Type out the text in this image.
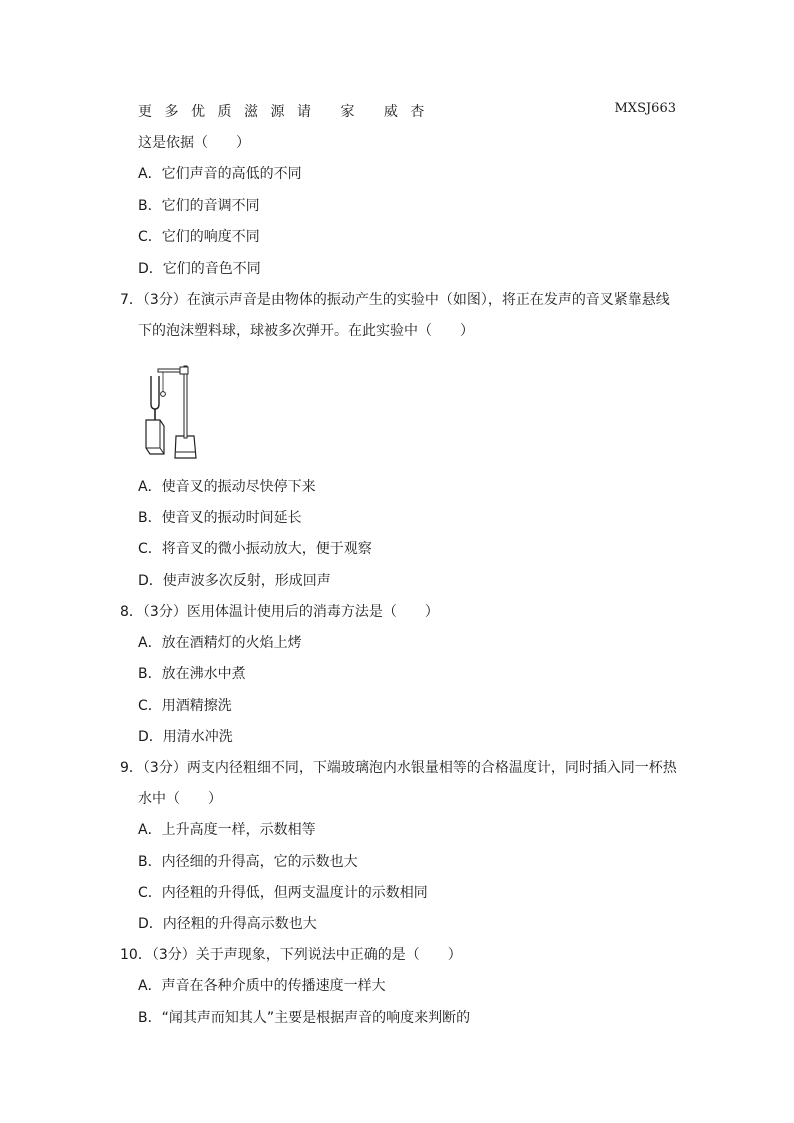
更多优质滋源请 家 威杏	MXSJ663
这是依据（　　）
A．它们声音的高低的不同
B．它们的音调不同
C．它们的响度不同
D．它们的音色不同
7．（3分）在演示声音是由物体的振动产生的实验中（如图），将正在发声的音叉紧靠悬线
下的泡沫塑料球，球被多次弹开。在此实验中（　　）
A．使音叉的振动尽快停下来
B．使音叉的振动时间延长
C．将音叉的微小振动放大，便于观察
D．使声波多次反射，形成回声
8．（3分）医用体温计使用后的消毒方法是（　　）
A．放在酒精灯的火焰上烤
B．放在沸水中煮
C．用酒精擦洗
D．用清水冲洗
9．（3分）两支内径粗细不同，下端玻璃泡内水银量相等的合格温度计，同时插入同一杯热
水中（　　）
A．上升高度一样，示数相等
B．内径细的升得高，它的示数也大
C．内径粗的升得低，但两支温度计的示数相同
D．内径粗的升得高示数也大
10．（3分）关于声现象，下列说法中正确的是（　　）
A．声音在各种介质中的传播速度一样大
B．“闻其声而知其人”主要是根据声音的响度来判断的
